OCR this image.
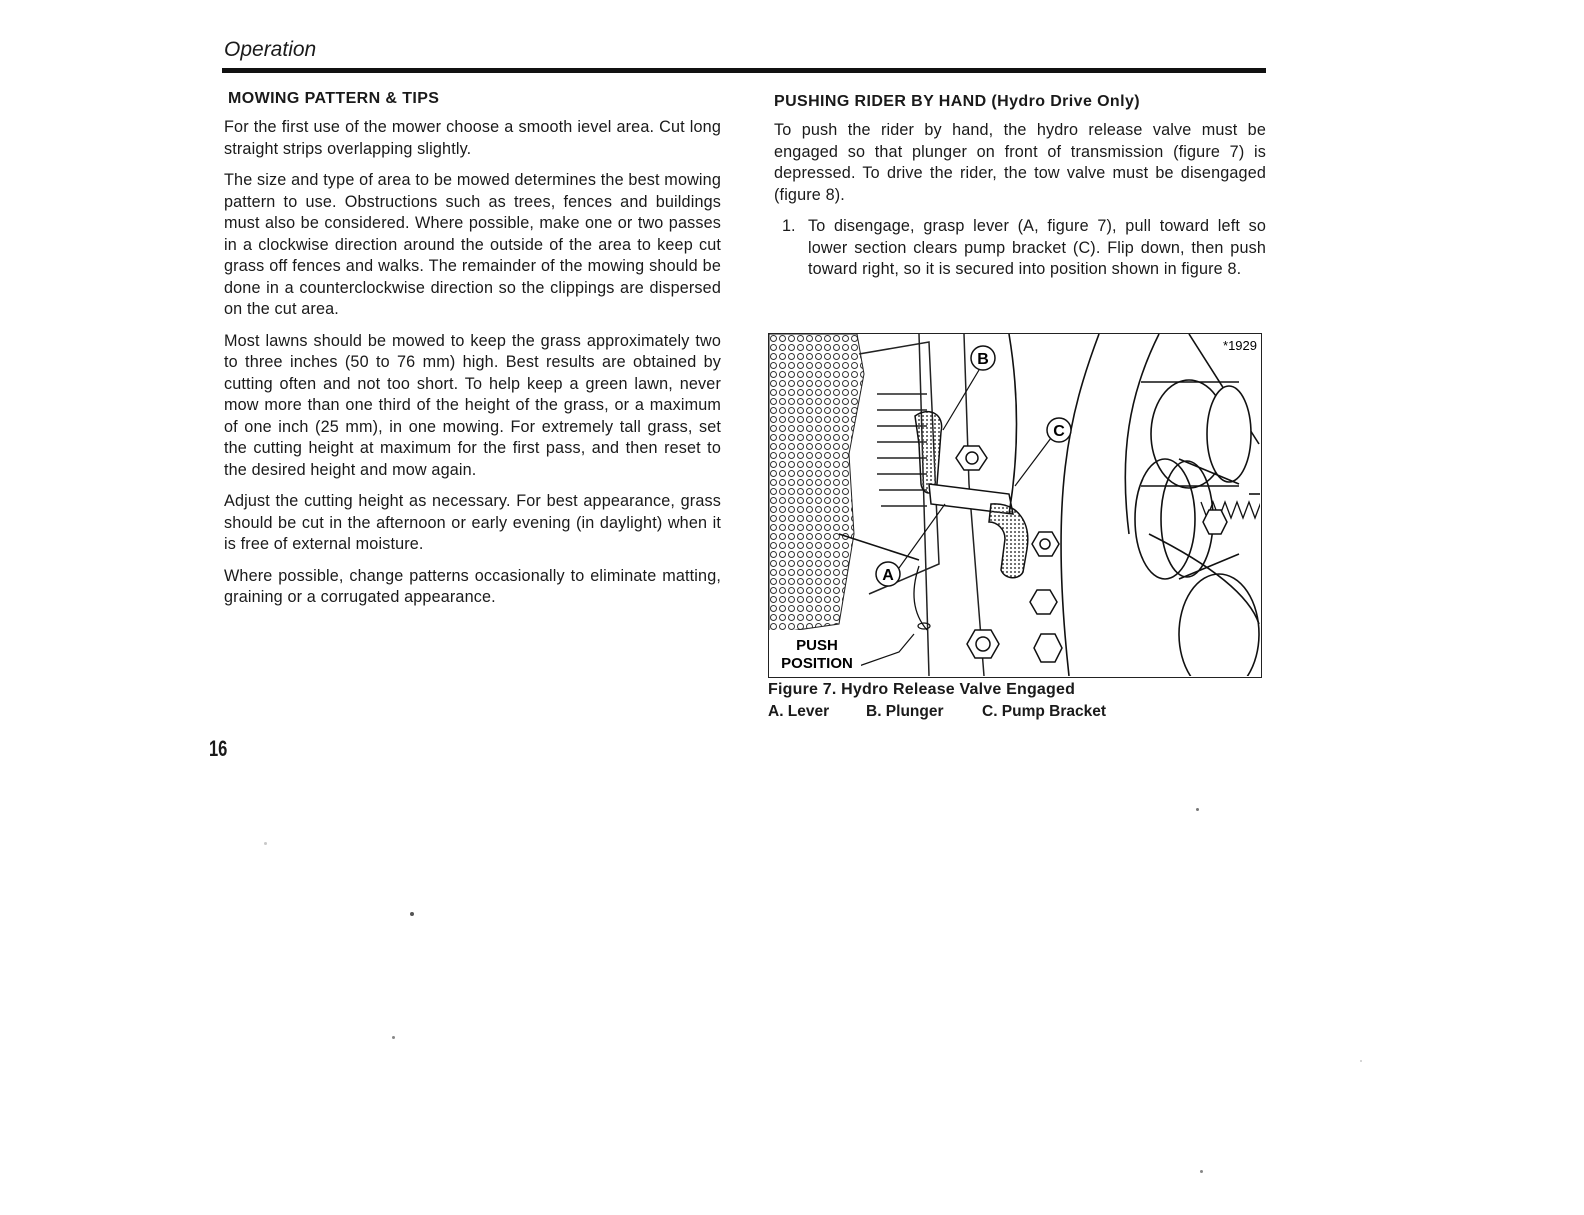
Operation
MOWING PATTERN & TIPS

For the first use of the mower choose a smooth ievel area. Cut long straight strips overlapping slightly.

The size and type of area to be mowed determines the best mowing pattern to use. Obstructions such as trees, fences and buildings must also be considered. Where possible, make one or two passes in a clockwise direction around the outside of the area to keep cut grass off fences and walks. The remainder of the mowing should be done in a counterclockwise direction so the clippings are dispersed on the cut area.

Most lawns should be mowed to keep the grass approximately two to three inches (50 to 76 mm) high. Best results are obtained by cutting often and not too short. To help keep a green lawn, never mow more than one third of the height of the grass, or a maximum of one inch (25 mm), in one mowing. For extremely tall grass, set the cutting height at maximum for the first pass, and then reset to the desired height and mow again.

Adjust the cutting height as necessary. For best appearance, grass should be cut in the afternoon or early evening (in daylight) when it is free of external moisture.

Where possible, change patterns occasionally to eliminate matting, graining or a corrugated appearance.

PUSHING RIDER BY HAND (Hydro Drive Only)

To push the rider by hand, the hydro release valve must be engaged so that plunger on front of transmission (figure 7) is depressed. To drive the rider, the tow valve must be disengaged (figure 8).

1. To disengage, grasp lever (A, figure 7), pull toward left so lower section clears pump bracket (C). Flip down, then push toward right, so it is secured into position shown in figure 8.

B
C
A
*1929
PUSH
POSITION
Figure 7. Hydro Release Valve Engaged
A. Lever	B. Plunger	C. Pump Bracket
16
